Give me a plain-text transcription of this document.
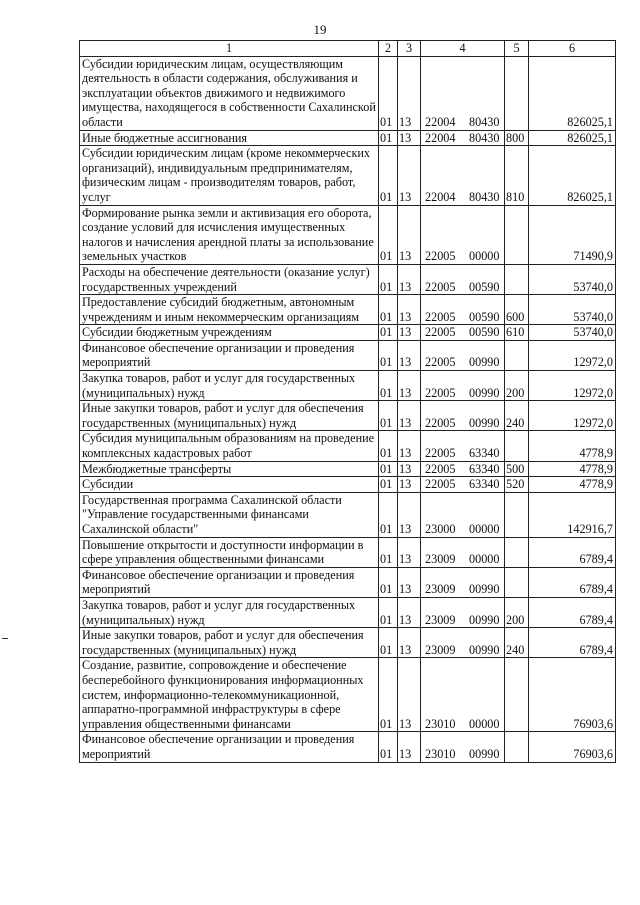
19
1	2	3	4	5	6
Субсидии юридическим лицам, осуществляющим деятельность в области содержания, обслуживания и эксплуатации объектов движимого и недвижимого имущества, находящегося в собственности Сахалинской области	01	13	22004 80430		826025,1
Иные бюджетные ассигнования	01	13	22004 80430	800	826025,1
Субсидии юридическим лицам (кроме некоммерческих организаций), индивидуальным предпринимателям, физическим лицам - производителям товаров, работ, услуг	01	13	22004 80430	810	826025,1
Формирование рынка земли и активизация его оборота, создание условий для исчисления имущественных налогов и начисления арендной платы за использование земельных участков	01	13	22005 00000		71490,9
Расходы на обеспечение деятельности (оказание услуг) государственных учреждений	01	13	22005 00590		53740,0
Предоставление субсидий бюджетным, автономным учреждениям и иным некоммерческим организациям	01	13	22005 00590	600	53740,0
Субсидии бюджетным учреждениям	01	13	22005 00590	610	53740,0
Финансовое обеспечение организации и проведения мероприятий	01	13	22005 00990		12972,0
Закупка товаров, работ и услуг для государственных (муниципальных) нужд	01	13	22005 00990	200	12972,0
Иные закупки товаров, работ и услуг для обеспечения государственных (муниципальных) нужд	01	13	22005 00990	240	12972,0
Субсидия муниципальным образованиям на проведение комплексных кадастровых работ	01	13	22005 63340		4778,9
Межбюджетные трансферты	01	13	22005 63340	500	4778,9
Субсидии	01	13	22005 63340	520	4778,9
Государственная программа Сахалинской области "Управление государственными финансами Сахалинской области"	01	13	23000 00000		142916,7
Повышение открытости и доступности информации в сфере управления общественными финансами	01	13	23009 00000		6789,4
Финансовое обеспечение организации и проведения мероприятий	01	13	23009 00990		6789,4
Закупка товаров, работ и услуг для государственных (муниципальных) нужд	01	13	23009 00990	200	6789,4
Иные закупки товаров, работ и услуг для обеспечения государственных (муниципальных) нужд	01	13	23009 00990	240	6789,4
Создание, развитие, сопровождение и обеспечение бесперебойного функционирования информационных систем, информационно-телекоммуникационной, аппаратно-программной инфраструктуры в сфере управления общественными финансами	01	13	23010 00000		76903,6
Финансовое обеспечение организации и проведения мероприятий	01	13	23010 00990		76903,6
